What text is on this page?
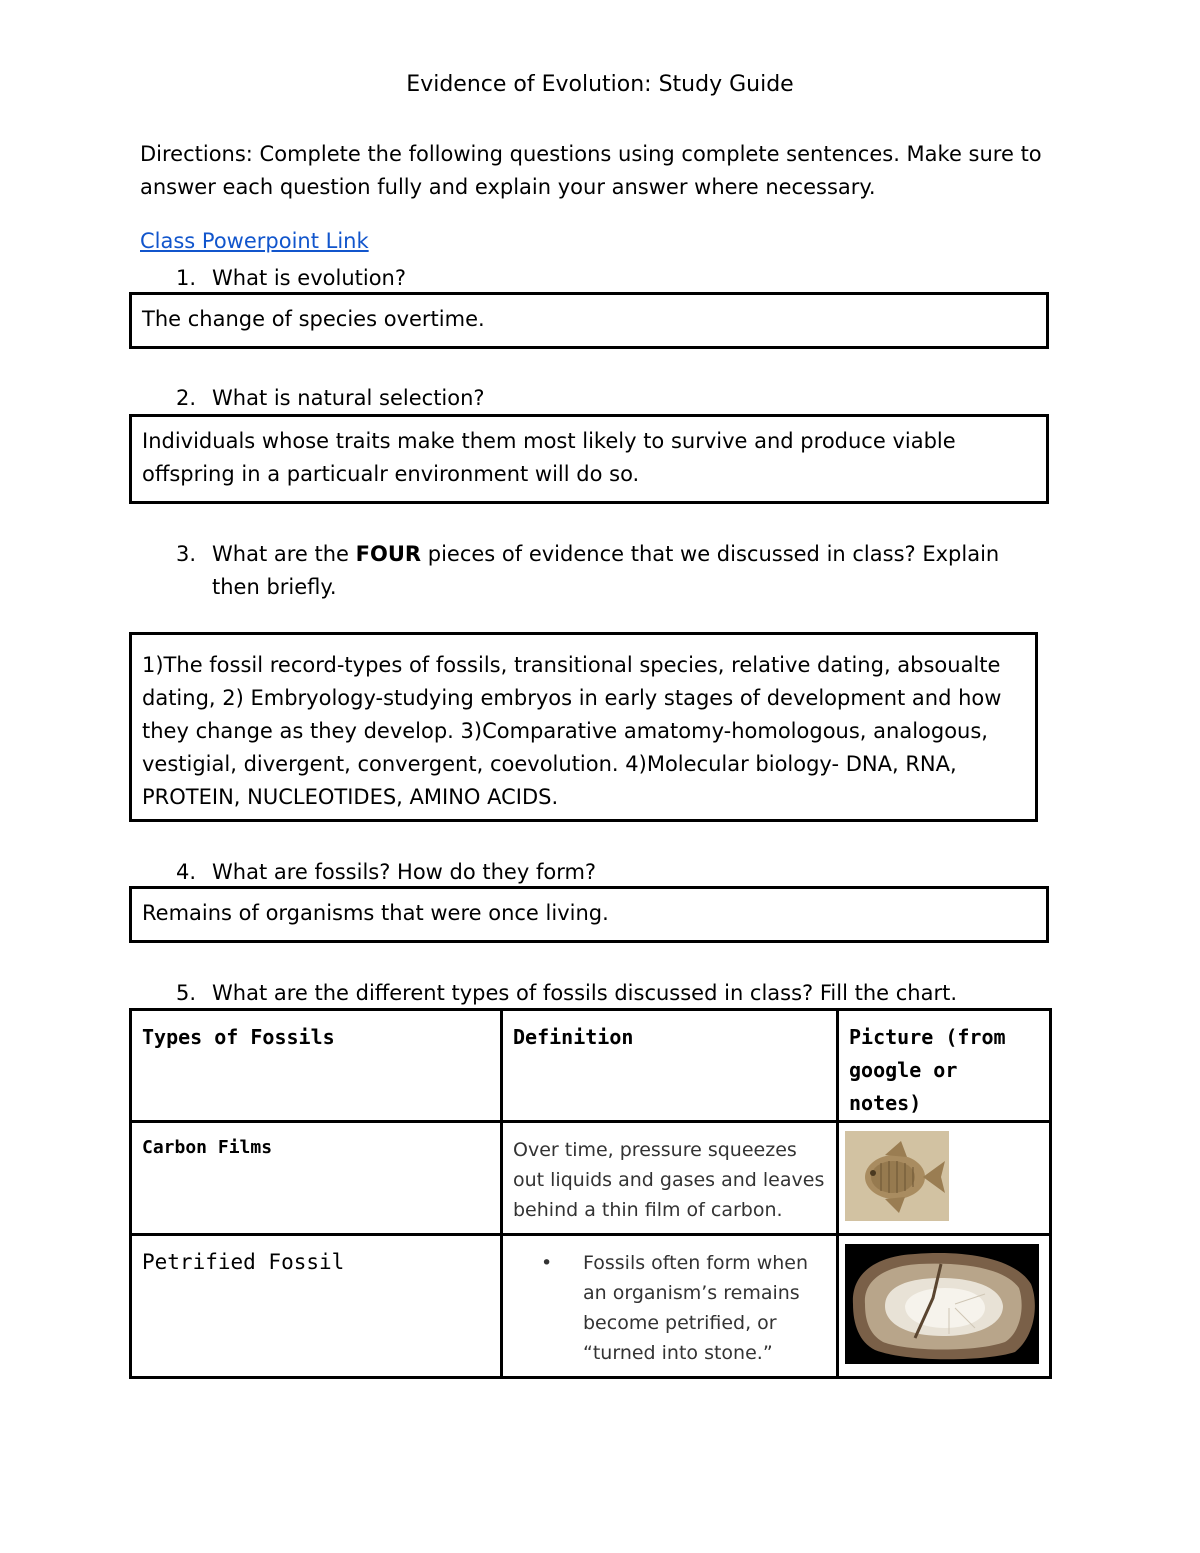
Evidence of Evolution: Study Guide
Directions: Complete the following questions using complete sentences. Make sure to answer each question fully and explain your answer where necessary.
Class Powerpoint Link
1. What is evolution?
The change of species overtime.
2. What is natural selection?
Individuals whose traits make them most likely to survive and produce viable offspring in a particualr environment will do so.
3. What are the FOUR pieces of evidence that we discussed in class? Explain then briefly.
1)The fossil record-types of fossils, transitional species, relative dating, absoualte dating, 2) Embryology-studying embryos in early stages of development and how they change as they develop. 3)Comparative amatomy-homologous, analogous, vestigial, divergent, convergent, coevolution. 4)Molecular biology- DNA, RNA, PROTEIN, NUCLEOTIDES, AMINO ACIDS.
4. What are fossils? How do they form?
Remains of organisms that were once living.
5. What are the different types of fossils discussed in class? Fill the chart.
Types of Fossils	Definition	Picture (from google or notes)
Carbon Films	Over time, pressure squeezes out liquids and gases and leaves behind a thin film of carbon.	
Petrified Fossil	• Fossils often form when an organism’s remains become petrified, or “turned into stone.”
